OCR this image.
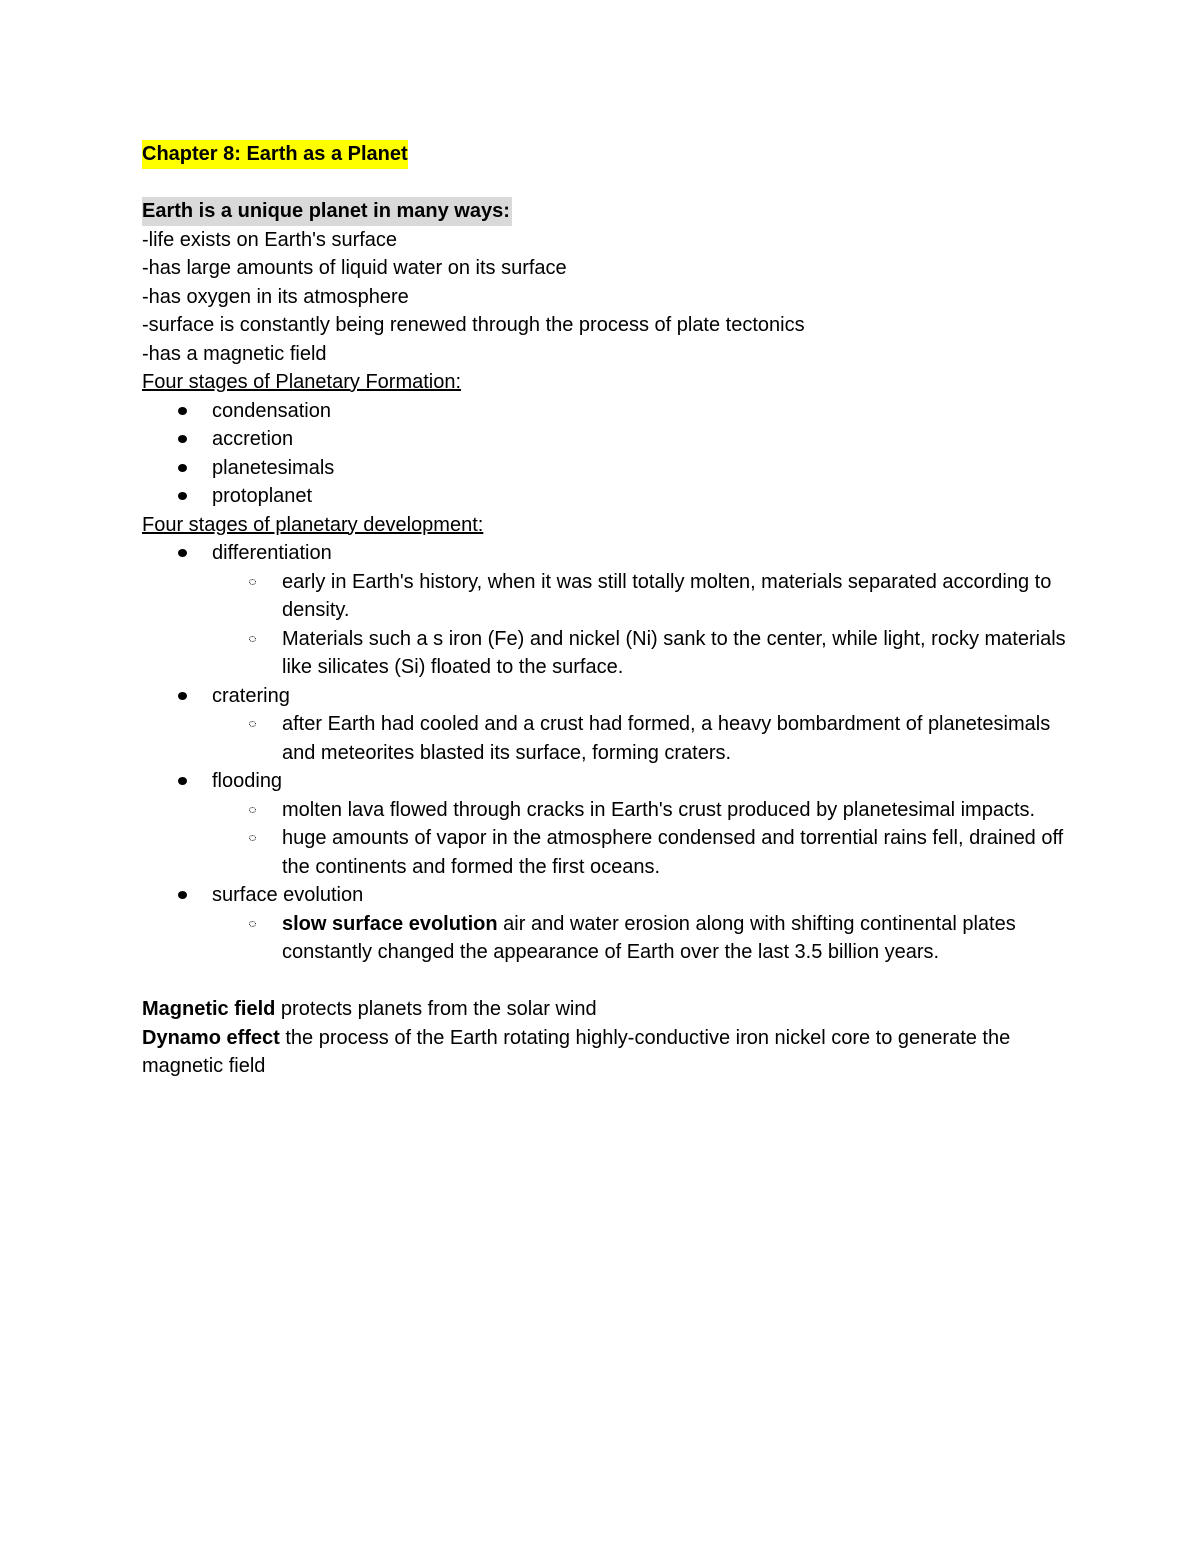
Chapter 8: Earth as a Planet

Earth is a unique planet in many ways:

-life exists on Earth's surface

-has large amounts of liquid water on its surface

-has oxygen in its atmosphere

-surface is constantly being renewed through the process of plate tectonics

-has a magnetic field

Four stages of Planetary Formation:

condensation
accretion
planetesimals
protoplanet

Four stages of planetary development:

differentiation
early in Earth's history, when it was still totally molten, materials separated according to density.
Materials such a s iron (Fe) and nickel (Ni) sank to the center, while light, rocky materials like silicates (Si) floated to the surface.
cratering
after Earth had cooled and a crust had formed, a heavy bombardment of planetesimals and meteorites blasted its surface, forming craters.
flooding
molten lava flowed through cracks in Earth's crust produced by planetesimal impacts.
huge amounts of vapor in the atmosphere condensed and torrential rains fell, drained off the continents and formed the first oceans.
surface evolution
slow surface evolution air and water erosion along with shifting continental plates constantly changed the appearance of Earth over the last 3.5 billion years.

Magnetic field protects planets from the solar wind

Dynamo effect the process of the Earth rotating highly-conductive iron nickel core to generate the magnetic field
